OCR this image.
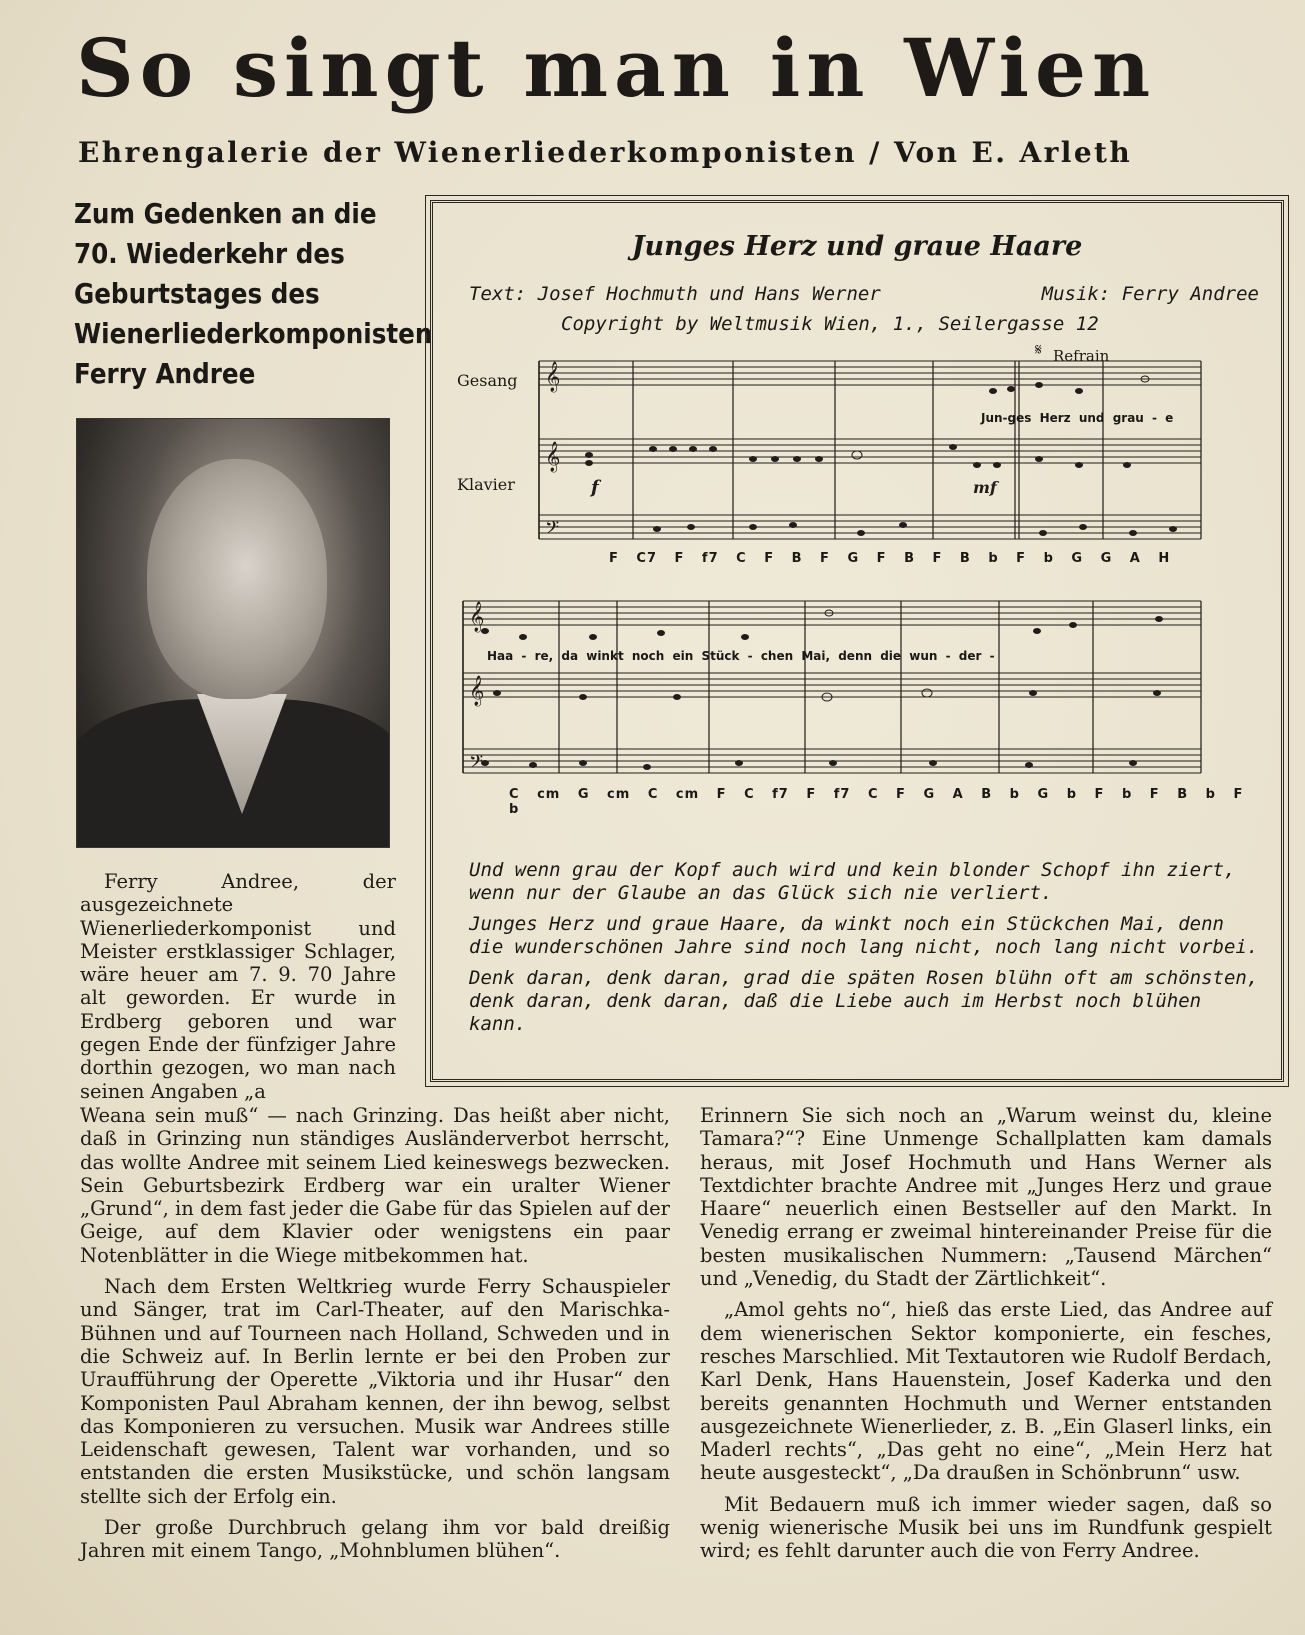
So singt man in Wien
Ehrengalerie der Wienerliederkomponisten / Von E. Arleth
Zum Gedenken an die 70. Wiederkehr des Geburtstages des Wienerliederkomponisten Ferry Andree
Junges Herz und graue Haare
Text: Josef Hochmuth und Hans Werner	Musik: Ferry Andree
Copyright by Weltmusik Wien, 1., Seilergasse 12
Refrain
Gesang
Klavier
𝄞
𝄞
𝄢
𝄞
𝄞
𝄢
f	mf
𝄋
Jun-ges Herz und grau - e
F C7 F f7 C F B F G F B F B b F b G G A H
Haa - re, da winkt noch ein Stück - chen Mai, denn die wun - der -
C cm G cm C cm F C f7 F f7 C F G A B b G b F b F B b F b

Und wenn grau der Kopf auch wird und kein blonder Schopf ihn ziert, wenn nur der Glaube an das Glück sich nie verliert.

Junges Herz und graue Haare, da winkt noch ein Stückchen Mai, denn die wunderschönen Jahre sind noch lang nicht, noch lang nicht vorbei.

Denk daran, denk daran, grad die späten Rosen blühn oft am schönsten, denk daran, denk daran, daß die Liebe auch im Herbst noch blühen kann.

Ferry Andree, der ausgezeichnete Wienerliederkomponist und Meister erstklassiger Schlager, wäre heuer am 7. 9. 70 Jahre alt geworden. Er wurde in Erdberg geboren und war gegen Ende der fünfziger Jahre dorthin gezogen, wo man nach seinen Angaben „a

Weana sein muß“ — nach Grinzing. Das heißt aber nicht, daß in Grinzing nun ständiges Ausländerverbot herrscht, das wollte Andree mit seinem Lied keineswegs bezwecken. Sein Geburtsbezirk Erdberg war ein uralter Wiener „Grund“, in dem fast jeder die Gabe für das Spielen auf der Geige, auf dem Klavier oder wenigstens ein paar Notenblätter in die Wiege mitbekommen hat.

Nach dem Ersten Weltkrieg wurde Ferry Schauspieler und Sänger, trat im Carl-Theater, auf den Marischka-Bühnen und auf Tourneen nach Holland, Schweden und in die Schweiz auf. In Berlin lernte er bei den Proben zur Uraufführung der Operette „Viktoria und ihr Husar“ den Komponisten Paul Abraham kennen, der ihn bewog, selbst das Komponieren zu versuchen. Musik war Andrees stille Leidenschaft gewesen, Talent war vorhanden, und so entstanden die ersten Musikstücke, und schön langsam stellte sich der Erfolg ein.

Der große Durchbruch gelang ihm vor bald dreißig Jahren mit einem Tango, „Mohnblumen blühen“.

Erinnern Sie sich noch an „Warum weinst du, kleine Tamara?“? Eine Unmenge Schallplatten kam damals heraus, mit Josef Hochmuth und Hans Werner als Textdichter brachte Andree mit „Junges Herz und graue Haare“ neuerlich einen Bestseller auf den Markt. In Venedig errang er zweimal hintereinander Preise für die besten musikalischen Nummern: „Tausend Märchen“ und „Venedig, du Stadt der Zärtlichkeit“.

„Amol gehts no“, hieß das erste Lied, das Andree auf dem wienerischen Sektor komponierte, ein fesches, resches Marschlied. Mit Textautoren wie Rudolf Berdach, Karl Denk, Hans Hauenstein, Josef Kaderka und den bereits genannten Hochmuth und Werner entstanden ausgezeichnete Wienerlieder, z. B. „Ein Glaserl links, ein Maderl rechts“, „Das geht no eine“, „Mein Herz hat heute ausgesteckt“, „Da draußen in Schönbrunn“ usw.

Mit Bedauern muß ich immer wieder sagen, daß so wenig wienerische Musik bei uns im Rundfunk gespielt wird; es fehlt darunter auch die von Ferry Andree.
